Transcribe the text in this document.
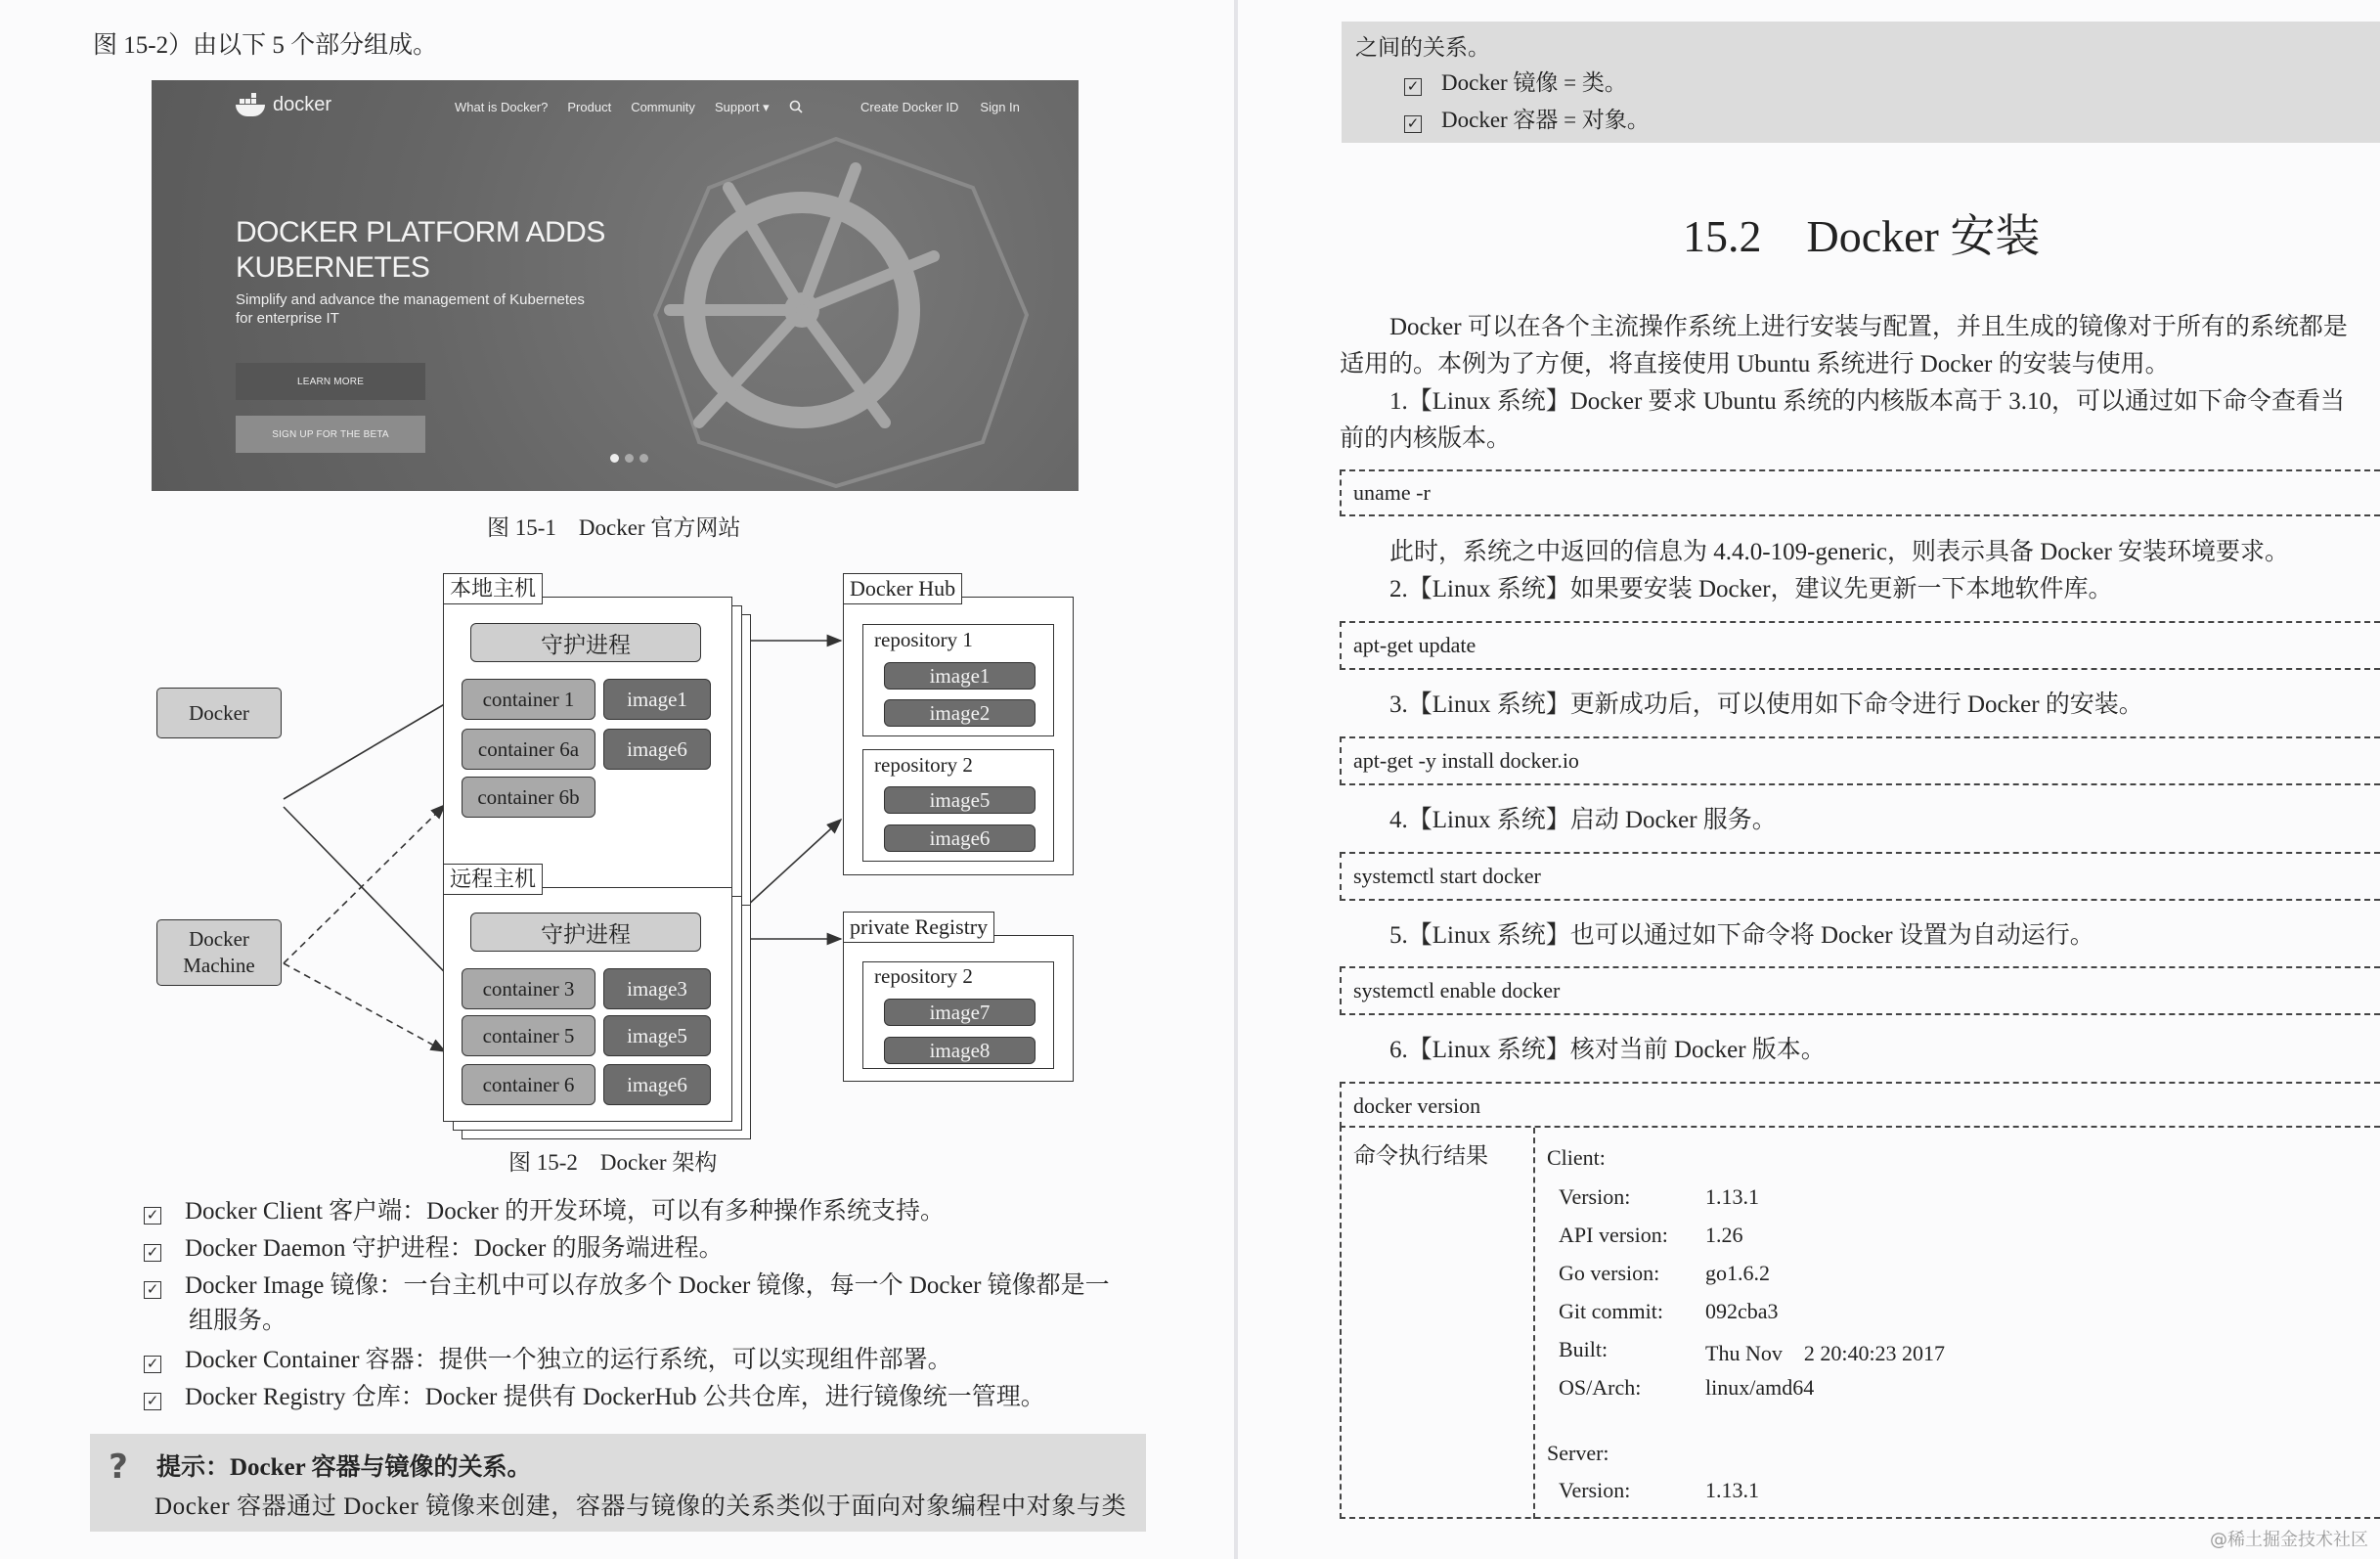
图 15-2）由以下 5 个部分组成。
docker	What is Docker? Product Community Support ▾	Create Docker ID Sign In
DOCKER PLATFORM ADDS
KUBERNETES
Simplify and advance the management of Kubernetes
for enterprise IT
LEARN MORE
SIGN UP FOR THE BETA
图 15-1　Docker 官方网站
Docker
Docker Machine
本地主机
守护进程
container 1	image1
container 6a	image6
container 6b
远程主机
守护进程
container 3	image3
container 5	image5
container 6	image6
Docker Hub
repository 1
image1
image2
repository 2
image5
image6
private Registry
repository 2
image7
image8
图 15-2　Docker 架构
✓ Docker Client 客户端：Docker 的开发环境，可以有多种操作系统支持。
✓ Docker Daemon 守护进程：Docker 的服务端进程。
✓ Docker Image 镜像：一台主机中可以存放多个 Docker 镜像，每一个 Docker 镜像都是一
组服务。
✓ Docker Container 容器：提供一个独立的运行系统，可以实现组件部署。
✓ Docker Registry 仓库：Docker 提供有 DockerHub 公共仓库，进行镜像统一管理。
? 提示：Docker 容器与镜像的关系。
Docker 容器通过 Docker 镜像来创建，容器与镜像的关系类似于面向对象编程中对象与类
之间的关系。
✓ Docker 镜像 = 类。
✓ Docker 容器 = 对象。
15.2　Docker 安装
Docker 可以在各个主流操作系统上进行安装与配置，并且生成的镜像对于所有的系统都是
适用的。本例为了方便，将直接使用 Ubuntu 系统进行 Docker 的安装与使用。
1.【Linux 系统】Docker 要求 Ubuntu 系统的内核版本高于 3.10，可以通过如下命令查看当
前的内核版本。
uname -r
此时，系统之中返回的信息为 4.4.0-109-generic，则表示具备 Docker 安装环境要求。
2.【Linux 系统】如果要安装 Docker，建议先更新一下本地软件库。
apt-get update
3.【Linux 系统】更新成功后，可以使用如下命令进行 Docker 的安装。
apt-get -y install docker.io
4.【Linux 系统】启动 Docker 服务。
systemctl start docker
5.【Linux 系统】也可以通过如下命令将 Docker 设置为自动运行。
systemctl enable docker
6.【Linux 系统】核对当前 Docker 版本。
docker version
命令执行结果	Client:
Version:	1.13.1
API version: 1.26
Go version: go1.6.2
Git commit: 092cba3
Built:	Thu Nov　2 20:40:23 2017
OS/Arch:	linux/amd64
Server:
Version:	1.13.1
@稀土掘金技术社区
